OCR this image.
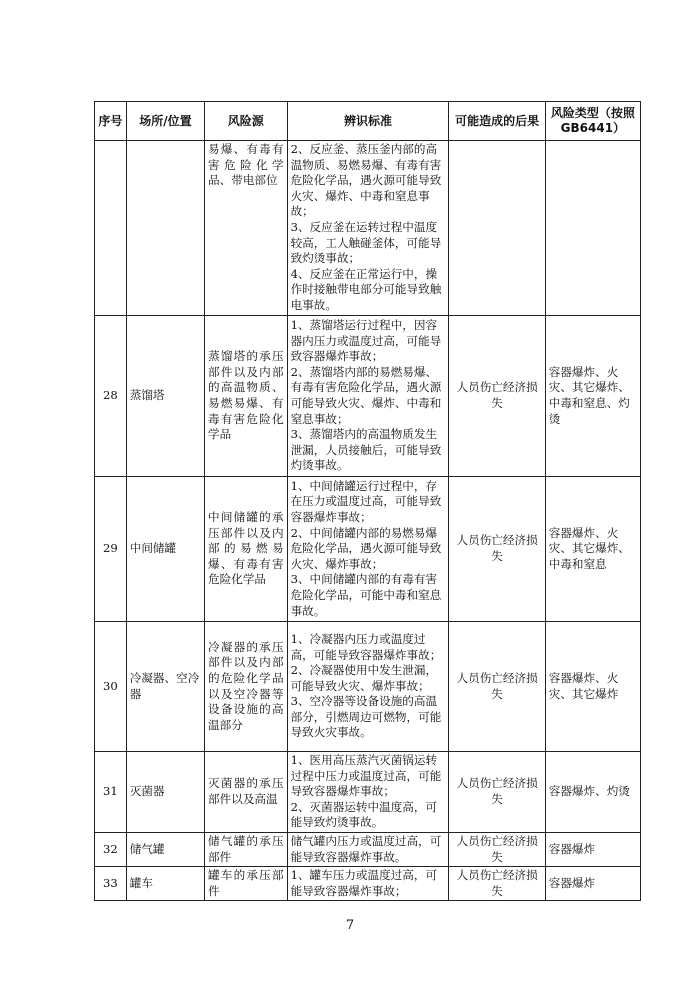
序号	场所/位置	风险源	辨识标准	可能造成的后果	风险类型（按照GB6441）
		易爆、有毒有害危险化学品、带电部位	2、反应釜、蒸压釜内部的高温物质、易燃易爆、有毒有害危险化学品，遇火源可能导致火灾、爆炸、中毒和窒息事故；
3、反应釜在运转过程中温度较高，工人触碰釜体，可能导致灼烫事故；
4、反应釜在正常运行中，操作时接触带电部分可能导致触电事故。		

28	蒸馏塔	蒸馏塔的承压部件以及内部的高温物质、易燃易爆、有毒有害危险化学品	1、蒸馏塔运行过程中，因容器内压力或温度过高，可能导致容器爆炸事故；
2、蒸馏塔内部的易燃易爆、有毒有害危险化学品，遇火源可能导致火灾、爆炸、中毒和窒息事故；
3、蒸馏塔内的高温物质发生泄漏，人员接触后，可能导致灼烫事故。	人员伤亡经济损失	容器爆炸、火灾、其它爆炸、中毒和窒息、灼烫
29	中间储罐	中间储罐的承压部件以及内部的易燃易爆、有毒有害危险化学品	1、中间储罐运行过程中，存在压力或温度过高，可能导致容器爆炸事故；
2、中间储罐内部的易燃易爆危险化学品，遇火源可能导致火灾、爆炸事故；
3、中间储罐内部的有毒有害危险化学品，可能中毒和窒息事故。	人员伤亡经济损失	容器爆炸、火灾、其它爆炸、中毒和窒息
30	冷凝器、空冷器	冷凝器的承压部件以及内部的危险化学品以及空冷器等设备设施的高温部分	1、冷凝器内压力或温度过高，可能导致容器爆炸事故；
2、冷凝器使用中发生泄漏，可能导致火灾、爆炸事故；
3、空冷器等设备设施的高温部分，引燃周边可燃物，可能导致火灾事故。	人员伤亡经济损失	容器爆炸、火灾、其它爆炸
31	灭菌器	灭菌器的承压部件以及高温	1、医用高压蒸汽灭菌锅运转过程中压力或温度过高，可能导致容器爆炸事故；
2、灭菌器运转中温度高，可能导致灼烫事故。	人员伤亡经济损失	容器爆炸、灼烫
32	储气罐	储气罐的承压部件	储气罐内压力或温度过高，可能导致容器爆炸事故。	人员伤亡经济损失	容器爆炸
33	罐车	罐车的承压部件	1、罐车压力或温度过高，可能导致容器爆炸事故；	人员伤亡经济损失	容器爆炸
7
